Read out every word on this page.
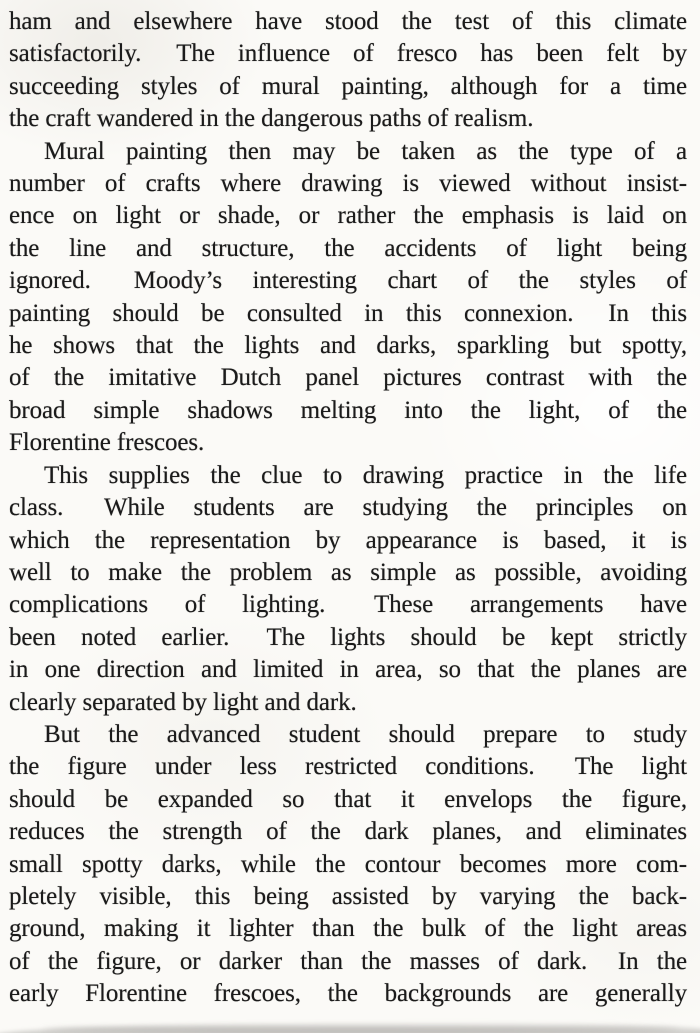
ham and elsewhere have stood the test of this climate
satisfactorily.  The influence of fresco has been felt by
succeeding styles of mural painting, although for a time
the craft wandered in the dangerous paths of realism.
Mural painting then may be taken as the type of a
number of crafts where drawing is viewed without insist-
ence on light or shade, or rather the emphasis is laid on
the line and structure, the accidents of light being
ignored.  Moody’s interesting chart of the styles of
painting should be consulted in this connexion.  In this
he shows that the lights and darks, sparkling but spotty,
of the imitative Dutch panel pictures contrast with the
broad simple shadows melting into the light, of the
Florentine frescoes.
This supplies the clue to drawing practice in the life
class.  While students are studying the principles on
which the representation by appearance is based, it is
well to make the problem as simple as possible, avoiding
complications of lighting.  These arrangements have
been noted earlier.  The lights should be kept strictly
in one direction and limited in area, so that the planes are
clearly separated by light and dark.
But the advanced student should prepare to study
the figure under less restricted conditions.  The light
should be expanded so that it envelops the figure,
reduces the strength of the dark planes, and eliminates
small spotty darks, while the contour becomes more com-
pletely visible, this being assisted by varying the back-
ground, making it lighter than the bulk of the light areas
of the figure, or darker than the masses of dark.  In the
early Florentine frescoes, the backgrounds are generally
